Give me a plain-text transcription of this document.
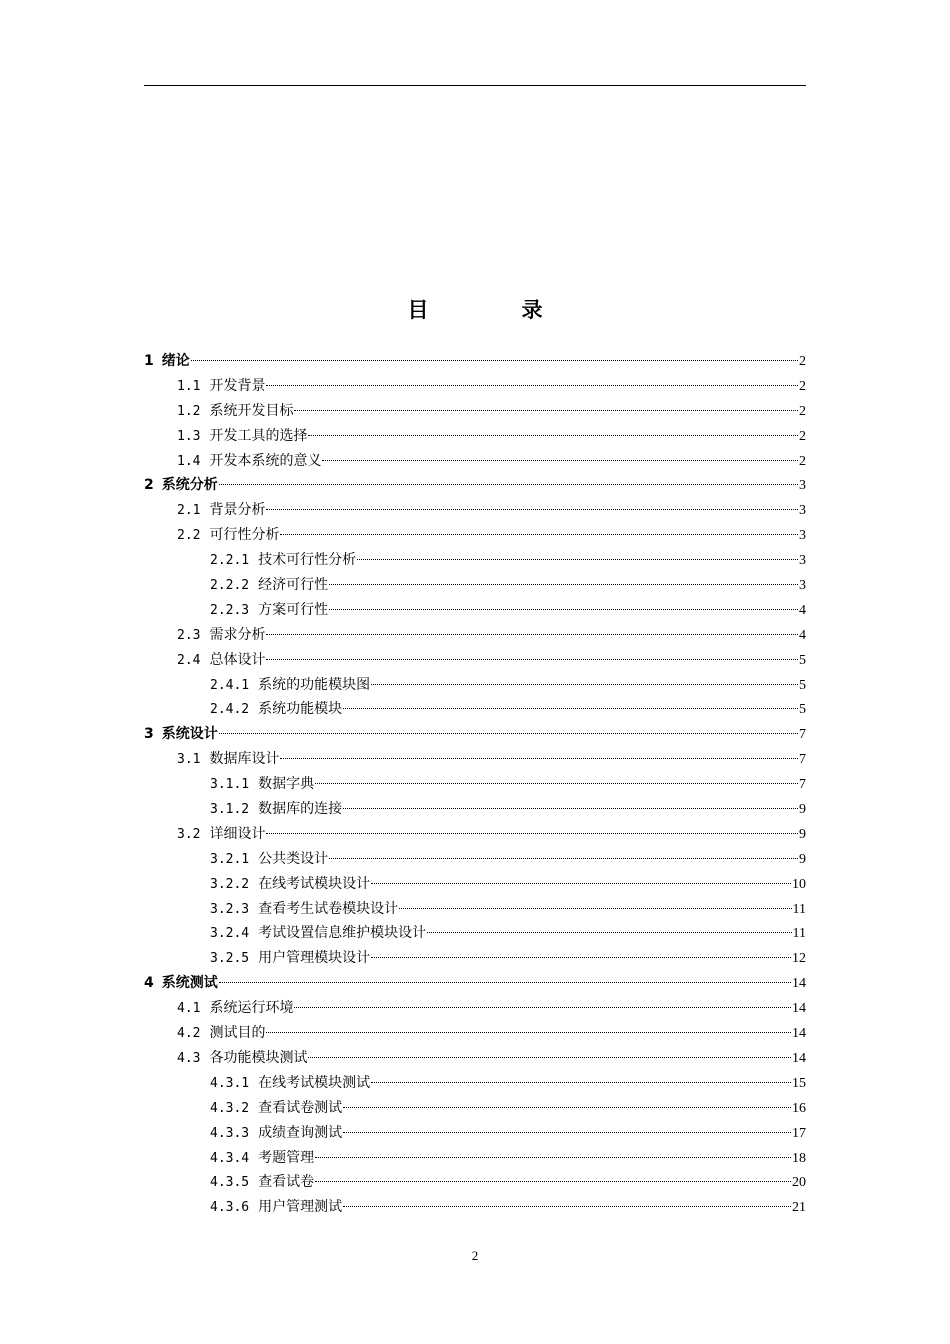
目　录
1 绪论	2
1.1 开发背景	2
1.2 系统开发目标	2
1.3 开发工具的选择	2
1.4 开发本系统的意义	2
2 系统分析	3
2.1 背景分析	3
2.2 可行性分析	3
2.2.1 技术可行性分析	3
2.2.2 经济可行性	3
2.2.3 方案可行性	4
2.3 需求分析	4
2.4 总体设计	5
2.4.1 系统的功能模块图	5
2.4.2 系统功能模块	5
3 系统设计	7
3.1 数据库设计	7
3.1.1 数据字典	7
3.1.2 数据库的连接	9
3.2 详细设计	9
3.2.1 公共类设计	9
3.2.2 在线考试模块设计	10
3.2.3 查看考生试卷模块设计	11
3.2.4 考试设置信息维护模块设计	11
3.2.5 用户管理模块设计	12
4 系统测试	14
4.1 系统运行环境	14
4.2 测试目的	14
4.3 各功能模块测试	14
4.3.1 在线考试模块测试	15
4.3.2 查看试卷测试	16
4.3.3 成绩查询测试	17
4.3.4 考题管理	18
4.3.5 查看试卷	20
4.3.6 用户管理测试	21
2
